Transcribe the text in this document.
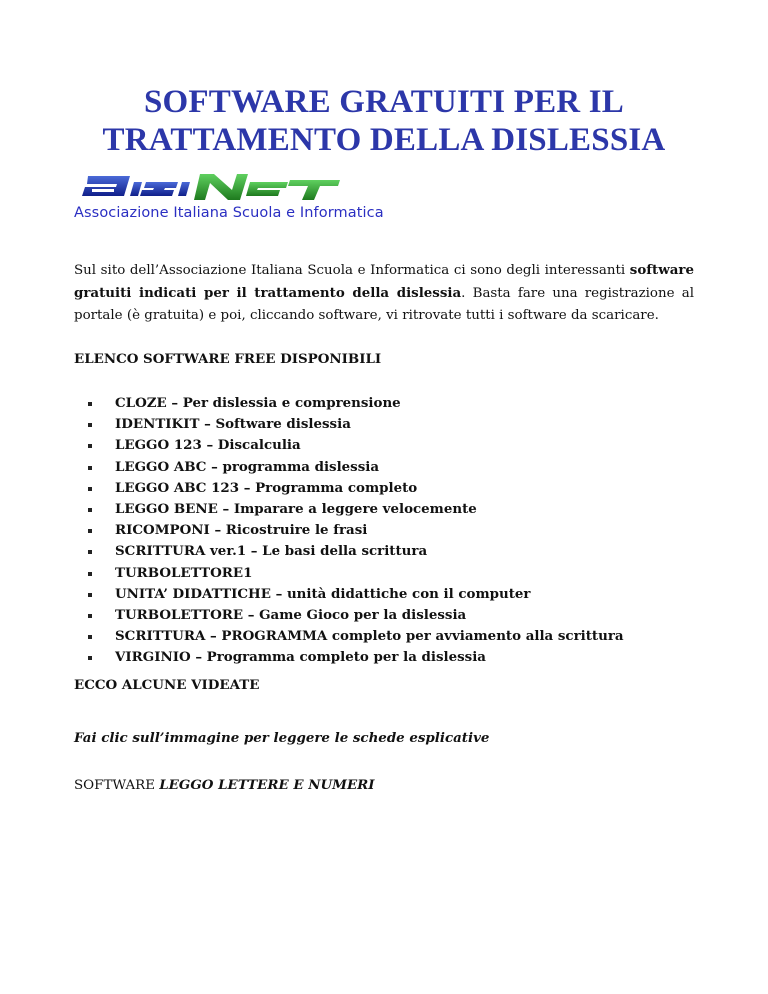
SOFTWARE GRATUITI PER IL
TRATTAMENTO DELLA DISLESSIA
Associazione Italiana Scuola e Informatica

Sul sito dell’Associazione Italiana Scuola e Informatica ci sono degli interessanti software gratuiti indicati per il trattamento della dislessia. Basta fare una registrazione al portale (è gratuita) e poi, cliccando software, vi ritrovate tutti i software da scaricare.

ELENCO SOFTWARE FREE DISPONIBILI
CLOZE – Per dislessia e comprensione
IDENTIKIT – Software dislessia
LEGGO 123 – Discalculia
LEGGO ABC – programma dislessia
LEGGO ABC 123 – Programma completo
LEGGO BENE – Imparare a leggere velocemente
RICOMPONI – Ricostruire le frasi
SCRITTURA ver.1 – Le basi della scrittura
TURBOLETTORE1
UNITA’ DIDATTICHE – unità didattiche con il computer
TURBOLETTORE – Game Gioco per la dislessia
SCRITTURA – PROGRAMMA completo per avviamento alla scrittura
VIRGINIO – Programma completo per la dislessia
ECCO ALCUNE VIDEATE

Fai clic sull’immagine per leggere le schede esplicative

SOFTWARE LEGGO LETTERE E NUMERI
